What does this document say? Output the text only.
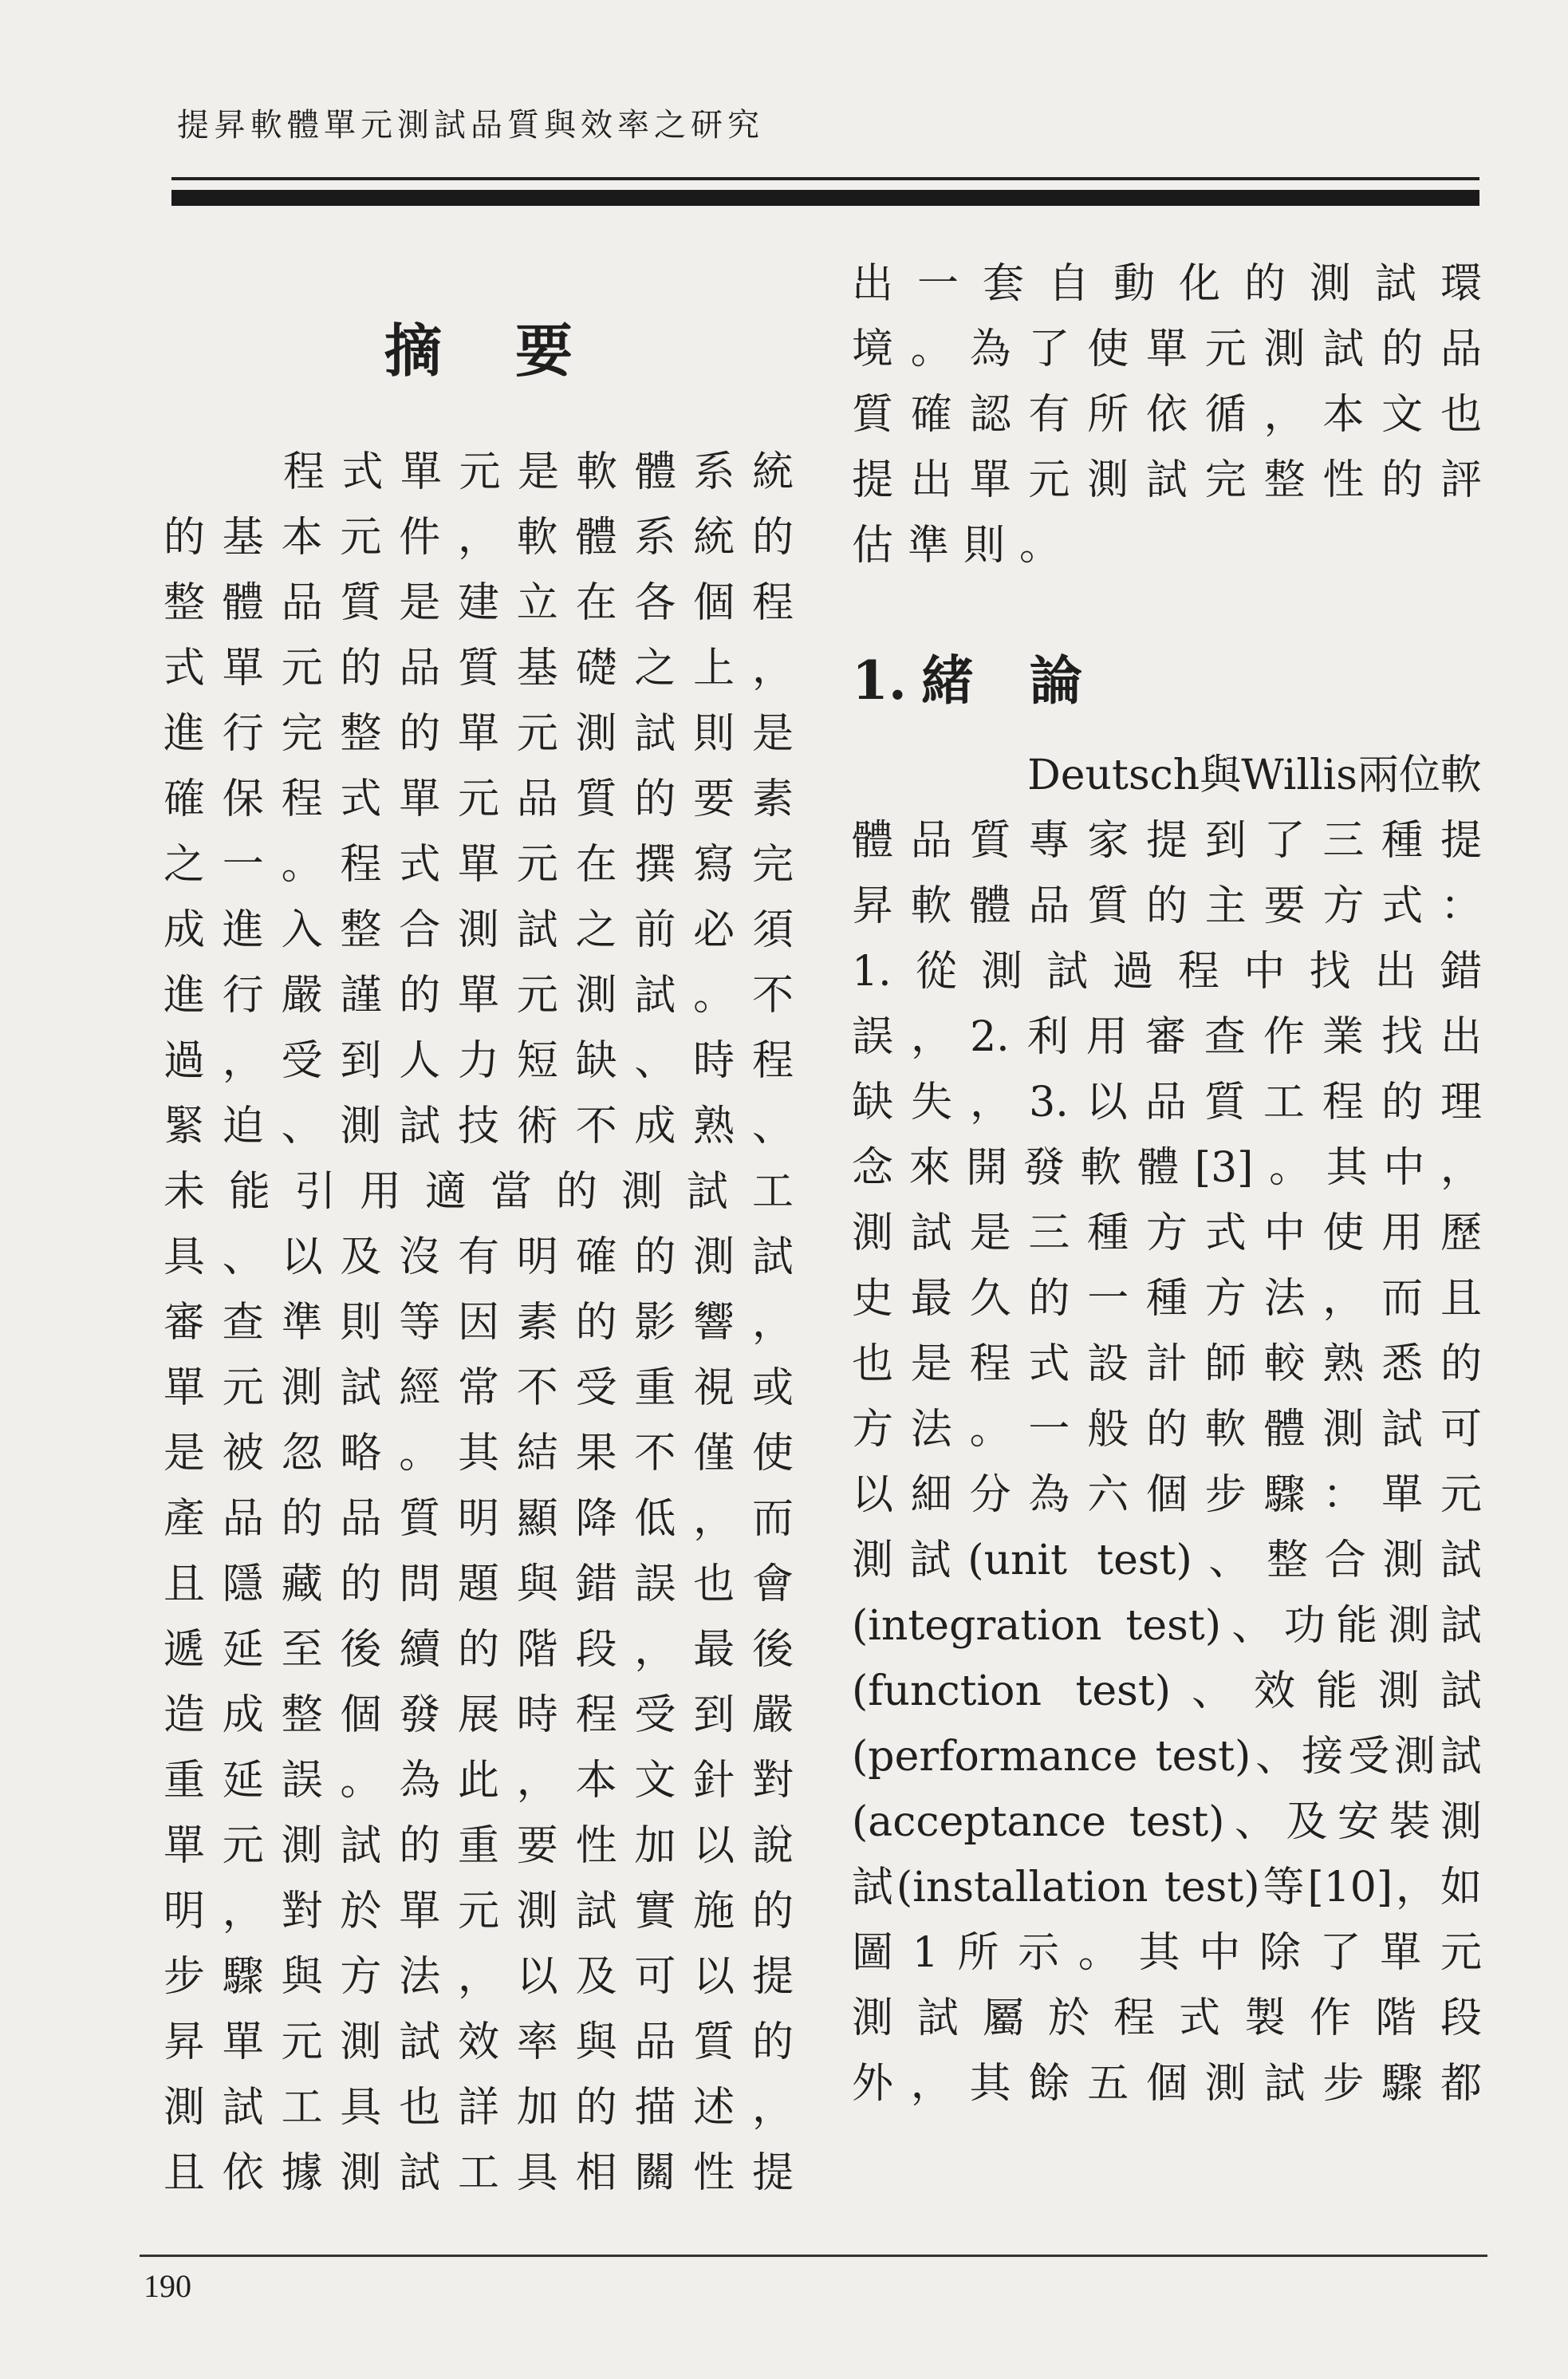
提昇軟體單元測試品質與效率之研究
摘要
程式單元是軟體系統
的基本元件，軟體系統的
整體品質是建立在各個程
式單元的品質基礎之上，
進行完整的單元測試則是
確保程式單元品質的要素
之一。程式單元在撰寫完
成進入整合測試之前必須
進行嚴謹的單元測試。不
過，受到人力短缺、時程
緊迫、測試技術不成熟、
未能引用適當的測試工
具、以及沒有明確的測試
審查準則等因素的影響，
單元測試經常不受重視或
是被忽略。其結果不僅使
產品的品質明顯降低，而
且隱藏的問題與錯誤也會
遞延至後續的階段，最後
造成整個發展時程受到嚴
重延誤。為此，本文針對
單元測試的重要性加以說
明，對於單元測試實施的
步驟與方法，以及可以提
昇單元測試效率與品質的
測試工具也詳加的描述，
且依據測試工具相關性提
出一套自動化的測試環
境。為了使單元測試的品
質確認有所依循，本文也
提出單元測試完整性的評
估準則。
1. 緒 論
Deutsch與Willis兩位軟
體品質專家提到了三種提
昇軟體品質的主要方式：
1.從測試過程中找出錯
誤，2.利用審查作業找出
缺失，3.以品質工程的理
念來開發軟體[3]。其中，
測試是三種方式中使用歷
史最久的一種方法，而且
也是程式設計師較熟悉的
方法。一般的軟體測試可
以細分為六個步驟：單元
測試(unit test)、整合測試
(integration test)、功能測試
(function test)、效能測試
(performance test)、接受測試
(acceptance test)、及安裝測
試(installation test)等[10]，如
圖1所示。其中除了單元
測試屬於程式製作階段
外，其餘五個測試步驟都
190
